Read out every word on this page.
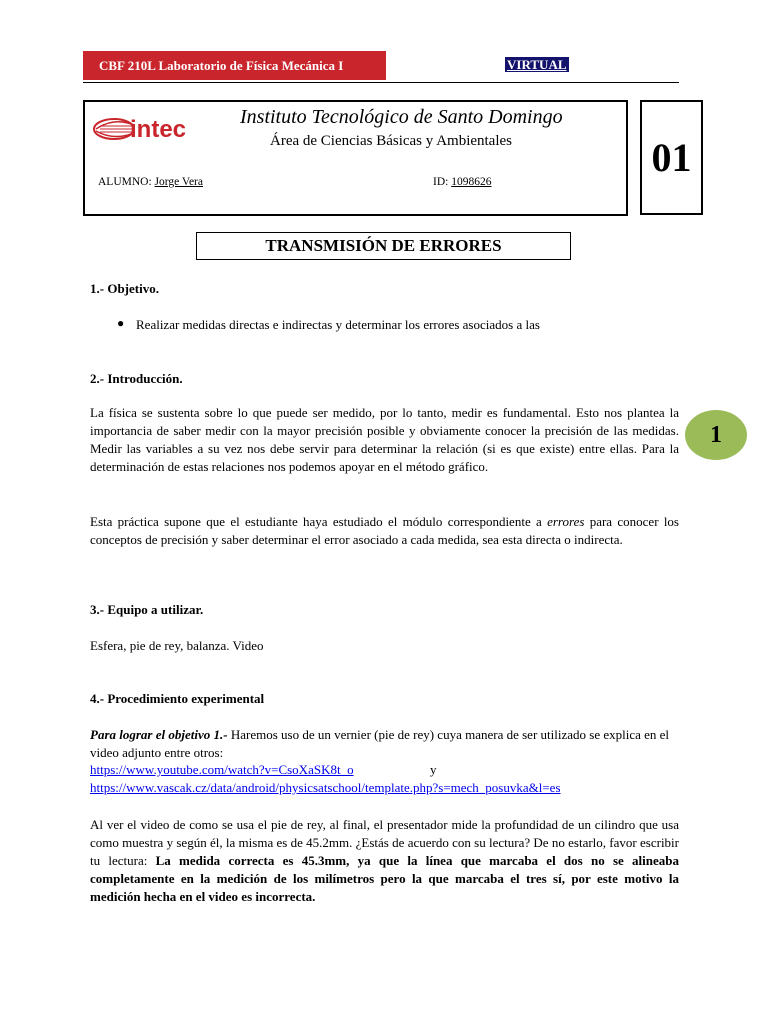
CBF 210L Laboratorio de Física Mecánica I	VIRTUAL
intec	Instituto Tecnológico de Santo Domingo
Área de Ciencias Básicas y Ambientales
ALUMNO: Jorge Vera	ID: 1098626
01
TRANSMISIÓN DE ERRORES
1.- Objetivo.
● Realizar medidas directas e indirectas y determinar los errores asociados a las
2.- Introducción.
La física se sustenta sobre lo que puede ser medido, por lo tanto, medir es fundamental. Esto nos plantea la importancia de saber medir con la mayor precisión posible y obviamente conocer la precisión de las medidas. Medir las variables a su vez nos debe servir para determinar la relación (si es que existe) entre ellas. Para la determinación de estas relaciones nos podemos apoyar en el método gráfico.
Esta práctica supone que el estudiante haya estudiado el módulo correspondiente a errores para conocer los conceptos de precisión y saber determinar el error asociado a cada medida, sea esta directa o indirecta.
3.- Equipo a utilizar.
Esfera, pie de rey, balanza. Video
4.- Procedimiento experimental
Para lograr el objetivo 1.- Haremos uso de un vernier (pie de rey) cuya manera de ser utilizado se explica en el video adjunto entre otros:
https://www.youtube.com/watch?v=CsoXaSK8t_o	y
https://www.vascak.cz/data/android/physicsatschool/template.php?s=mech_posuvka&l=es
Al ver el video de como se usa el pie de rey, al final, el presentador mide la profundidad de un cilindro que usa como muestra y según él, la misma es de 45.2mm. ¿Estás de acuerdo con su lectura? De no estarlo, favor escribir tu lectura: La medida correcta es 45.3mm, ya que la línea que marcaba el dos no se alineaba completamente en la medición de los milímetros pero la que marcaba el tres sí, por este motivo la medición hecha en el video es incorrecta.
1
